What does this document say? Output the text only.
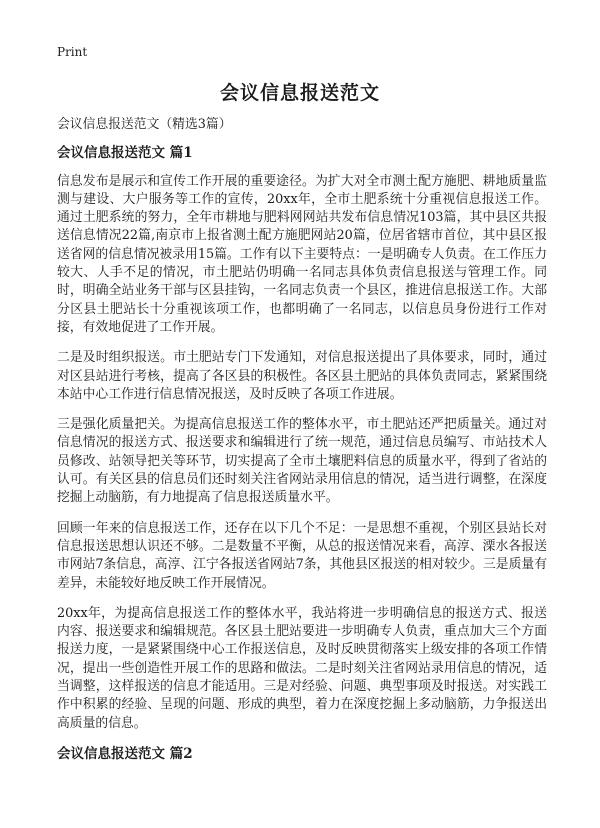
Print
会议信息报送范文

会议信息报送范文（精选3篇）

会议信息报送范文 篇1

信息发布是展示和宣传工作开展的重要途径。为扩大对全市测土配方施肥、耕地质量监测与建设、大户服务等工作的宣传，20xx年，全市土肥系统十分重视信息报送工作。通过土肥系统的努力，全年市耕地与肥料网网站共发布信息情况103篇，其中县区共报送信息情况22篇,南京市上报省测土配方施肥网站20篇，位居省辖市首位，其中县区报送省网的信息情况被录用15篇。工作有以下主要特点：一是明确专人负责。在工作压力较大、人手不足的情况，市土肥站仍明确一名同志具体负责信息报送与管理工作。同时，明确全站业务干部与区县挂钩，一名同志负责一个县区，推进信息报送工作。大部分区县土肥站长十分重视该项工作，也都明确了一名同志，以信息员身份进行工作对接，有效地促进了工作开展。

二是及时组织报送。市土肥站专门下发通知，对信息报送提出了具体要求，同时，通过对区县站进行考核，提高了各区县的积极性。各区县土肥站的具体负责同志，紧紧围绕本站中心工作进行信息情况报送，及时反映了各项工作进展。

三是强化质量把关。为提高信息报送工作的整体水平，市土肥站还严把质量关。通过对信息情况的报送方式、报送要求和编辑进行了统一规范，通过信息员编写、市站技术人员修改、站领导把关等环节，切实提高了全市土壤肥料信息的质量水平，得到了省站的认可。有关区县的信息员们还时刻关注省网站录用信息的情况，适当进行调整，在深度挖掘上动脑筋，有力地提高了信息报送质量水平。

回顾一年来的信息报送工作，还存在以下几个不足：一是思想不重视，个别区县站长对信息报送思想认识还不够。二是数量不平衡，从总的报送情况来看，高淳、溧水各报送市网站7条信息，高淳、江宁各报送省网站7条，其他县区报送的相对较少。三是质量有差异，未能较好地反映工作开展情况。

20xx年，为提高信息报送工作的整体水平，我站将进一步明确信息的报送方式、报送内容、报送要求和编辑规范。各区县土肥站要进一步明确专人负责，重点加大三个方面报送力度，一是紧紧围绕中心工作报送信息，及时反映贯彻落实上级安排的各项工作情况，提出一些创造性开展工作的思路和做法。二是时刻关注省网站录用信息的情况，适当调整，这样报送的信息才能适用。三是对经验、问题、典型事项及时报送。对实践工作中积累的经验、呈现的问题、形成的典型，着力在深度挖掘上多动脑筋，力争报送出高质量的信息。

会议信息报送范文 篇2
